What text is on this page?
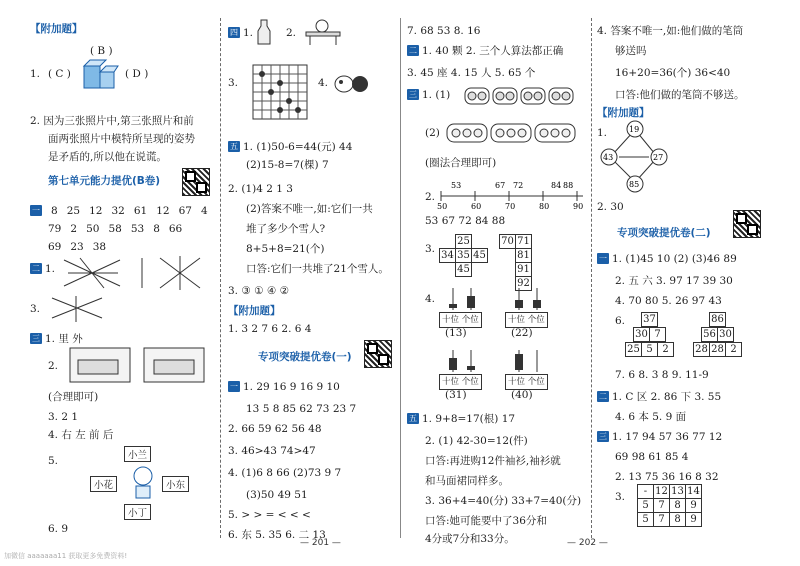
【附加题】
( B )
1. ( C )	( D )
2. 因为三张照片中,第三张照片和前
面两张照片中模特所呈现的姿势
是矛盾的,所以他在说谎。
第七单元能力提优(B卷)
一 8 25 12 32 61 12 67 4
79 2 50 58 53 8 66
69 23 38
二 1.
3.
三 1. 里 外
2.
(合理即可)
3. 2 1
4. 右 左 前 后
5.	小兰
小花	小东
小丁
6. 9
四 1.	2.
3.	4.
五 1. (1)50-6=44(元) 44
(2)15-8=7(棵) 7
2. (1)4 2 1 3
(2)答案不唯一,如:它们一共
堆了多少个雪人?
8+5+8=21(个)
口答:它们一共堆了21个雪人。
3. ③ ① ④ ②
【附加题】
1. 3 2 7 6 2. 6 4
专项突破提优卷(一)
一 1. 29 16 9 16 9 10
13 5 8 85 62 73 23 7
2. 66 59 62 56 48
3. 46>43 74>47
4. (1)6 8 66 (2)73 9 7
(3)50 49 51
5. > > = < < <
6. 东 5. 35 6. 二 13
— 201 —
7. 68 53 8. 16
二 1. 40 颗 2. 三个人算法都正确
3. 45 座 4. 15 人 5. 65 个
三 1. (1)
(2)
(圈法合理即可)
2.
53	67 72	84 88
50	60	70	80	90
53 67 72 84 88
3.
	25	
34	35	45
	45	
70	71
	81
	91
	92
4.
十位 个位
(13)
十位 个位
(22)
十位 个位
(31)
十位 个位
(40)
五 1. 9+8=17(根) 17
2. (1) 42-30=12(件)
口答:再进购12件袖衫,袖衫就
和马面裙同样多。
3. 36+4=40(分) 33+7=40(分)
口答:她可能要中了36分和
4分或7分和33分。	— 202 —
4. 答案不唯一,如:他们做的笔筒
够送吗
16+20=36(个) 36<40
口答:他们做的笔筒不够送。
【附加题】
1.	19
43	27
85
2. 30
专项突破提优卷(二)
一 1. (1)45 10 (2) (3)46 89
2. 五 六 3. 97 17 39 30
4. 70 80 5. 26 97 43
6. 37
30	7
25	5	2
86
56	30
28	28	2
7. 6 8. 3 8 9. 11-9
二 1. C 区 2. 86 下 3. 55
4. 6 本 5. 9 面
三 1. 17 94 57 36 77 12
69 98 61 85 4
2. 13 75 36 16 8 32
3. -	12	13	14
5	7	8	9
5	7	8	9
加微信 aaaaaaa11 获取更多免费资料!
